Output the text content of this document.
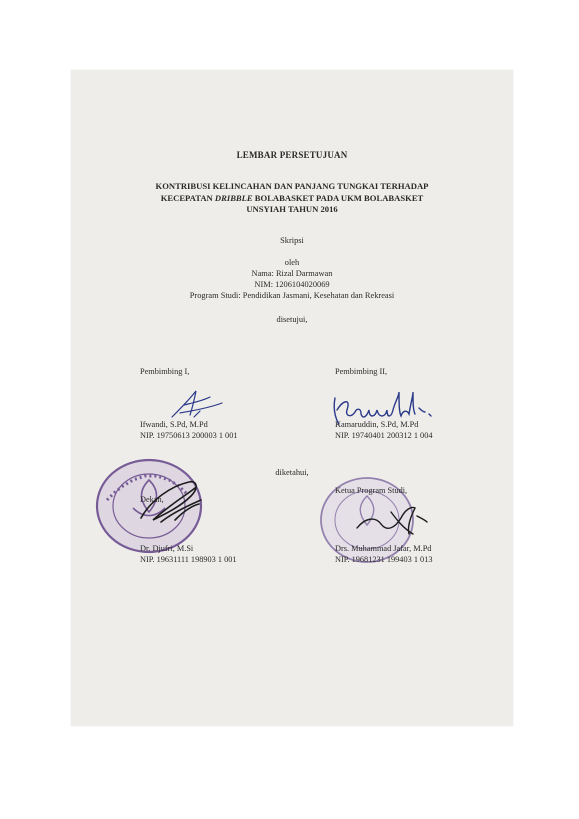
LEMBAR PERSETUJUAN
KONTRIBUSI KELINCAHAN DAN PANJANG TUNGKAI TERHADAP
KECEPATAN DRIBBLE BOLABASKET PADA UKM BOLABASKET
UNSYIAH TAHUN 2016
Skripsi
oleh
Nama: Rizal Darmawan
NIM: 1206104020069
Program Studi: Pendidikan Jasmani, Kesehatan dan Rekreasi
disetujui,
Pembimbing I,
Ifwandi, S.Pd, M.Pd
NIP. 19750613 200003 1 001
Pembimbing II,
Kamaruddin, S.Pd, M.Pd
NIP. 19740401 200312 1 004
diketahui,
Dekan,
Dr. Djufri, M.Si
NIP. 19631111 198903 1 001
Ketua Program Studi,
Drs. Muhammad Jafar, M.Pd
NIP. 19681231 199403 1 013
